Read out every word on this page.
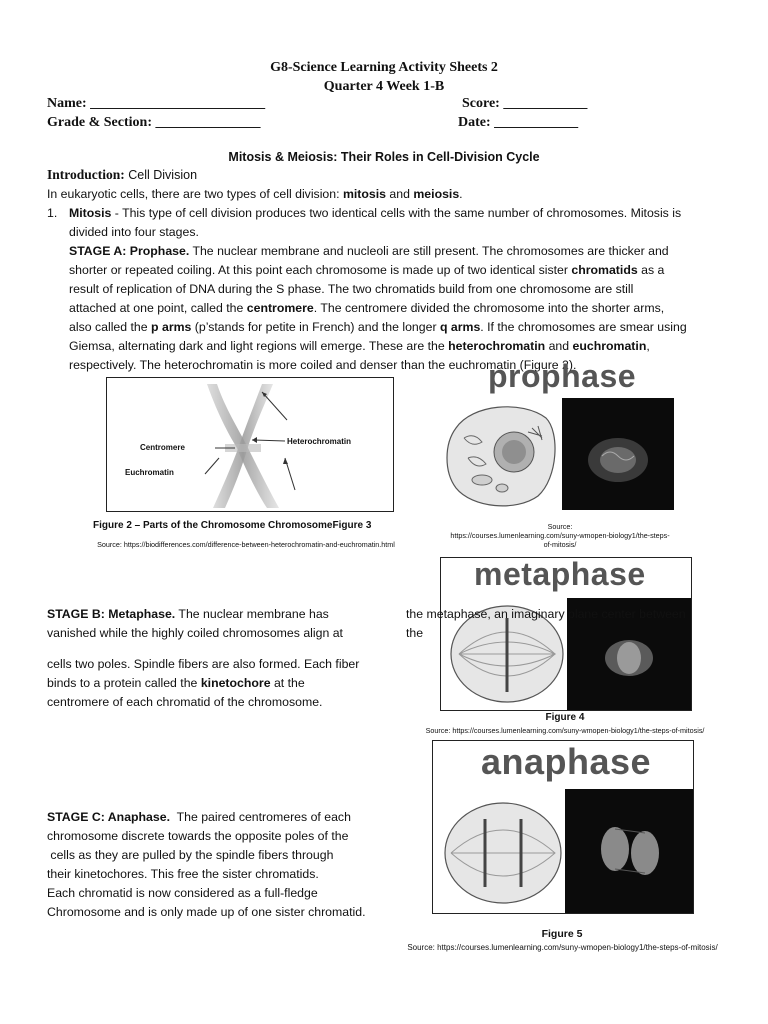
G8-Science Learning Activity Sheets 2
Quarter 4 Week 1-B
Name: _________________________	Score: ____________
Grade & Section: _______________	Date: ____________
Mitosis & Meiosis: Their Roles in Cell-Division Cycle
Introduction: Cell Division
In eukaryotic cells, there are two types of cell division: mitosis and meiosis.
1. Mitosis - This type of cell division produces two identical cells with the same number of chromosomes. Mitosis is
divided into four stages.
STAGE A: Prophase. The nuclear membrane and nucleoli are still present. The chromosomes are thicker and
shorter or repeated coiling. At this point each chromosome is made up of two identical sister chromatids as a
result of replication of DNA during the S phase. The two chromatids build from one chromosome are still
attached at one point, called the centromere. The centromere divided the chromosome into the shorter arms,
also called the p arms (p’stands for petite in French) and the longer q arms. If the chromosomes are smear using
Giemsa, alternating dark and light regions will emerge. These are the heterochromatin and euchromatin,
respectively. The heterochromatin is more coiled and denser than the euchromatin (Figure 2).
Centromere
Heterochromatin
Euchromatin
Figure 2 – Parts of the Chromosome ChromosomeFigure 3
Source: https://biodifferences.com/difference-between-heterochromatin-and-euchromatin.html
prophase
Source:
https://courses.lumenlearning.com/suny-wmopen-biology1/the-steps-
of-mitosis/
metaphase
Figure 4
Source: https://courses.lumenlearning.com/suny-wmopen-biology1/the-steps-of-mitosis/
STAGE B: Metaphase. The nuclear membrane has
vanished while the highly coiled chromosomes align at
the metaphase, an imaginary plane center between
the
cells two poles. Spindle fibers are also formed. Each fiber
binds to a protein called the kinetochore at the
centromere of each chromatid of the chromosome.
anaphase
Figure 5
Source: https://courses.lumenlearning.com/suny-wmopen-biology1/the-steps-of-mitosis/
STAGE C: Anaphase.  The paired centromeres of each
chromosome discrete towards the opposite poles of the
cells as they are pulled by the spindle fibers through
their kinetochores. This free the sister chromatids.
Each chromatid is now considered as a full-fledge
Chromosome and is only made up of one sister chromatid.
